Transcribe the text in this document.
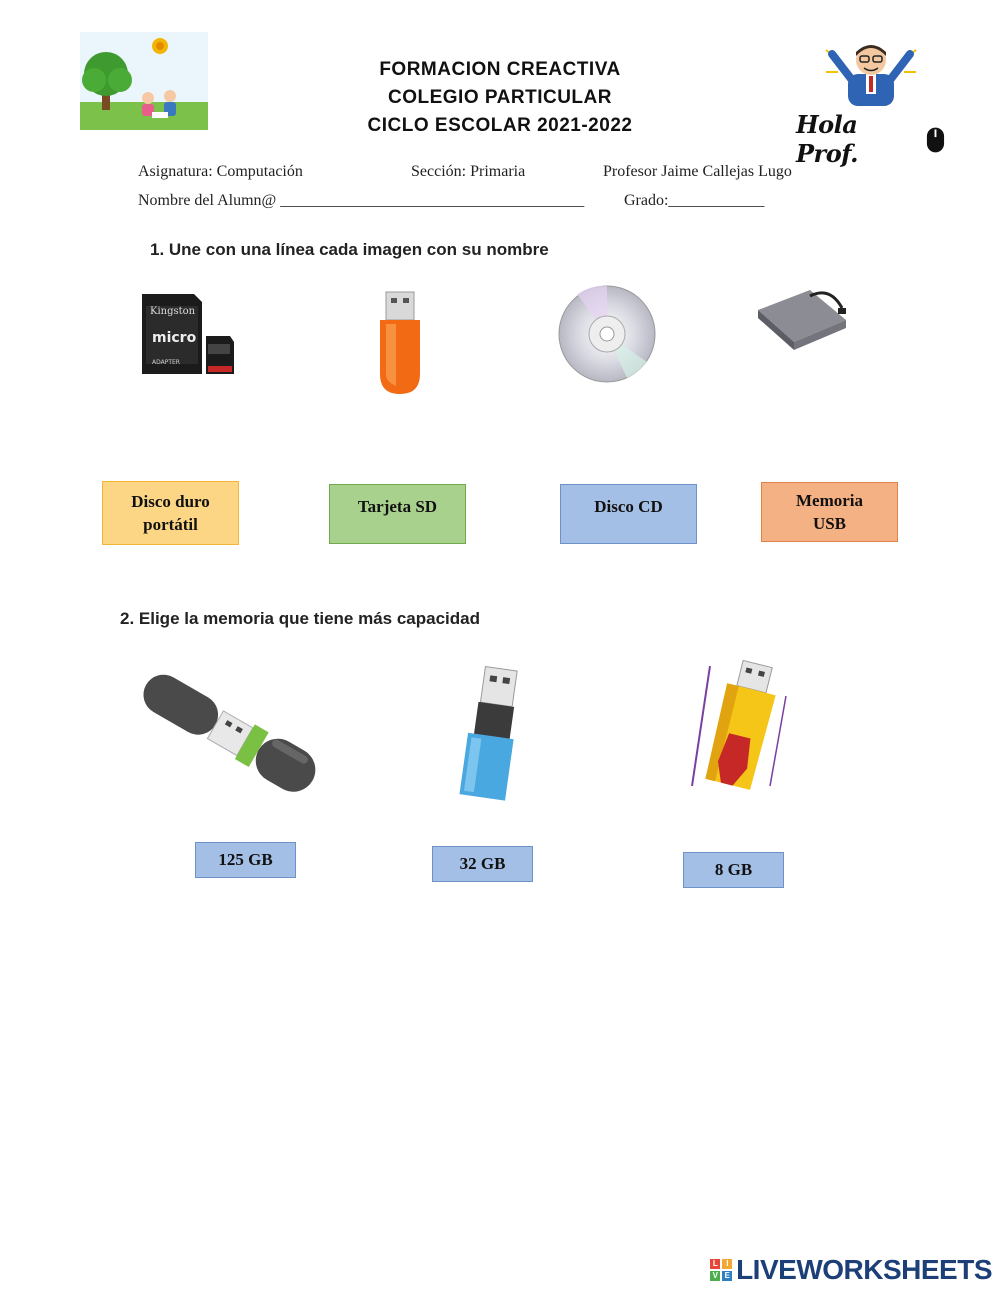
FORMACION CREACTIVA
COLEGIO PARTICULAR
CICLO ESCOLAR 2021-2022	Hola Prof.
Asignatura: Computación	Sección: Primaria	Profesor Jaime Callejas Lugo
Nombre del Alumn@ ______________________________________ Grado:____________
1. Une con una línea cada imagen con su nombre
Kingston
micro
ADAPTER
Disco duro
portátil
Tarjeta SD	Disco CD	Memoria
USB
2. Elige la memoria que tiene más capacidad
125 GB	32 GB	8 GB
L	I
V E LIVEWORKSHEETS
